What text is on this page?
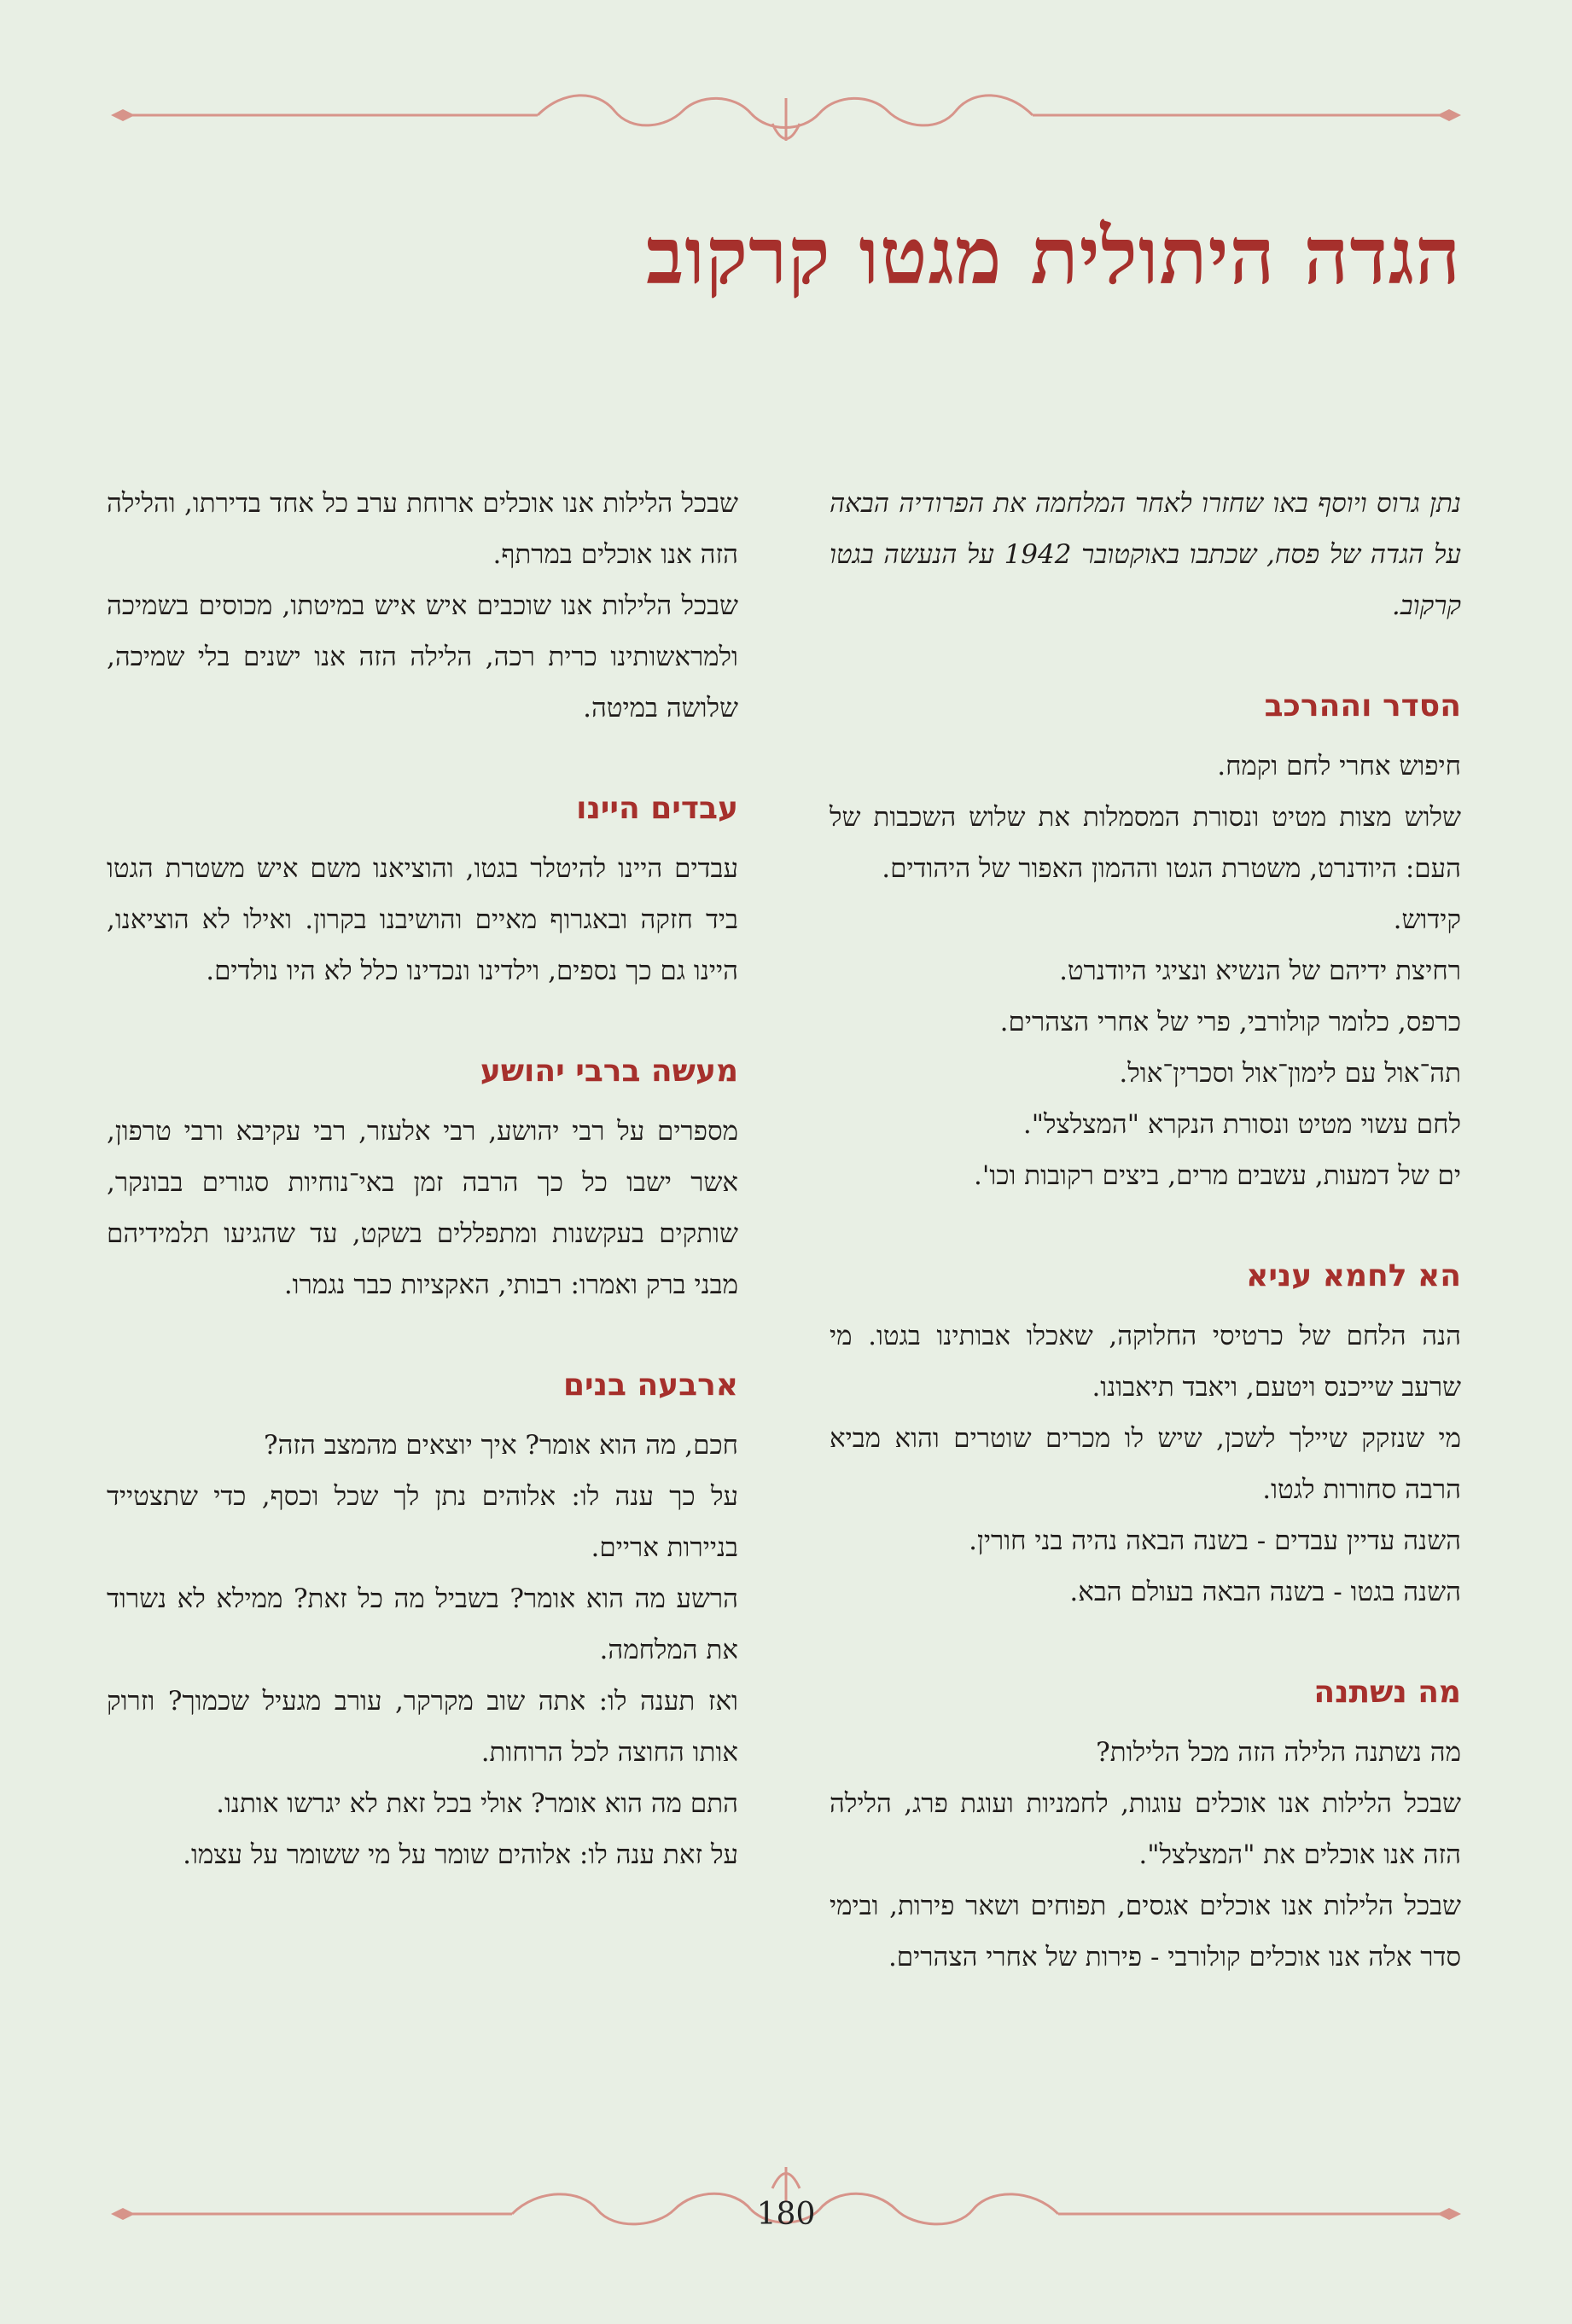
הגדה היתולית מגטו קרקוב

נתן גרוס ויוסף באו שחזרו לאחר המלחמה את הפרודיה הבאה על הגדה של פסח, שכתבו באוקטובר 1942 על הנעשה בגטו קרקוב.

הסדר וההרכב

חיפוש אחרי לחם וקמח.

שלוש מצות מטיט ונסורת המסמלות את שלוש השכבות של העם: היודנרט, משטרת הגטו וההמון האפור של היהודים.

קידוש.

רחיצת ידיהם של הנשיא ונציגי היודנרט.

כרפס, כלומר קולורבי, פרי של אחרי הצהרים.

תה־אול עם לימון־אול וסכרין־אול.

לחם עשוי מטיט ונסורת הנקרא "המצלצל".

ים של דמעות, עשבים מרים, ביצים רקובות וכו'.

הא לחמא עניא

הנה הלחם של כרטיסי החלוקה, שאכלו אבותינו בגטו. מי שרעב שייכנס ויטעם, ויאבד תיאבונו.

מי שנזקק שיילך לשכן, שיש לו מכרים שוטרים והוא מביא הרבה סחורות לגטו.

השנה עדיין עבדים - בשנה הבאה נהיה בני חורין.

השנה בגטו - בשנה הבאה בעולם הבא.

מה נשתנה

מה נשתנה הלילה הזה מכל הלילות?

שבכל הלילות אנו אוכלים עוגות, לחמניות ועוגת פרג, הלילה הזה אנו אוכלים את "המצלצל".

שבכל הלילות אנו אוכלים אגסים, תפוחים ושאר פירות, ובימי סדר אלה אנו אוכלים קולורבי - פירות של אחרי הצהרים.

שבכל הלילות אנו אוכלים ארוחת ערב כל אחד בדירתו, והלילה הזה אנו אוכלים במרתף.

שבכל הלילות אנו שוכבים איש איש במיטתו, מכוסים בשמיכה ולמראשותינו כרית רכה, הלילה הזה אנו ישנים בלי שמיכה, שלושה במיטה.

עבדים היינו

עבדים היינו להיטלר בגטו, והוציאנו משם איש משטרת הגטו ביד חזקה ובאגרוף מאיים והושיבנו בקרון. ואילו לא הוציאנו, היינו גם כך נספים, וילדינו ונכדינו כלל לא היו נולדים.

מעשה ברבי יהושע

מספרים על רבי יהושע, רבי אלעזר, רבי עקיבא ורבי טרפון, אשר ישבו כל כך הרבה זמן באי־נוחיות סגורים בבונקר, שותקים בעקשנות ומתפללים בשקט, עד שהגיעו תלמידיהם מבני ברק ואמרו: רבותי, האקציות כבר נגמרו.

ארבעה בנים

חכם, מה הוא אומר? איך יוצאים מהמצב הזה?

על כך ענה לו: אלוהים נתן לך שכל וכסף, כדי שתצטייד בניירות אריים.

הרשע מה הוא אומר? בשביל מה כל זאת? ממילא לא נשרוד את המלחמה.

ואז תענה לו: אתה שוב מקרקר, עורב מגעיל שכמוך? וזרוק אותו החוצה לכל הרוחות.

התם מה הוא אומר? אולי בכל זאת לא יגרשו אותנו.

על זאת ענה לו: אלוהים שומר על מי ששומר על עצמו.

180
